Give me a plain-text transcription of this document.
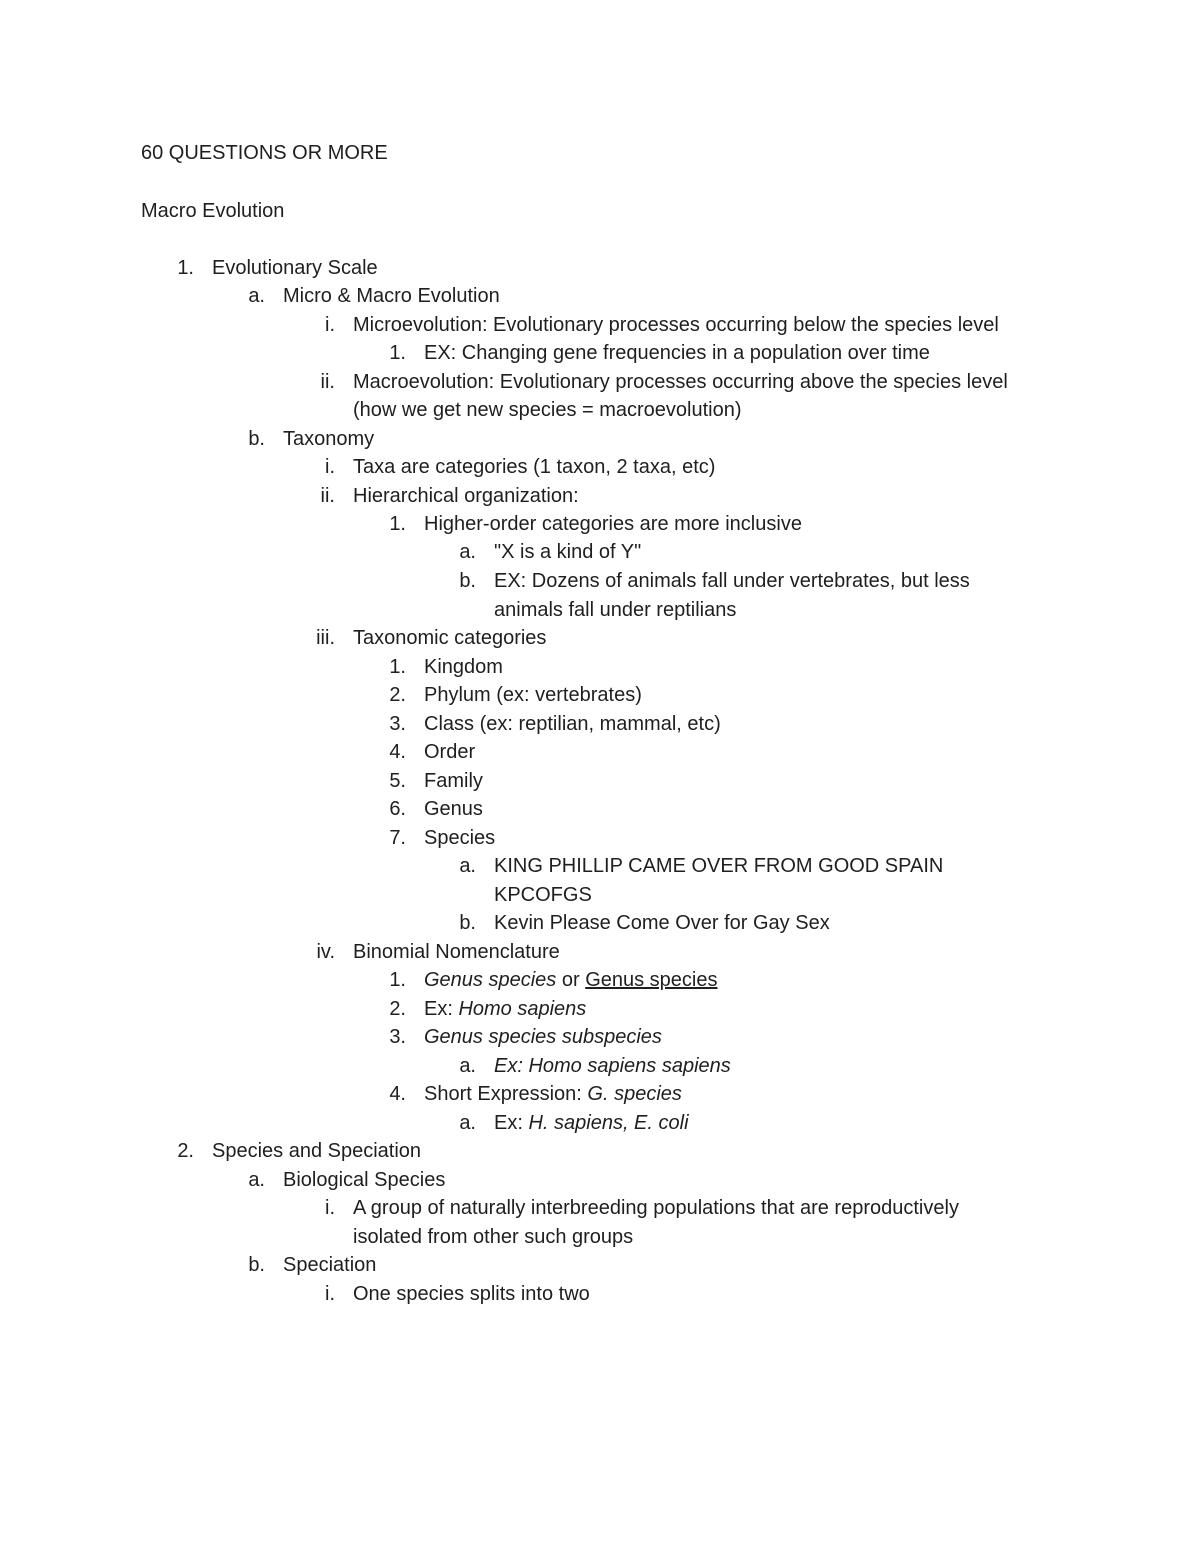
60 QUESTIONS OR MORE
Macro Evolution
1. Evolutionary Scale
a. Micro & Macro Evolution
i. Microevolution: Evolutionary processes occurring below the species level
1. EX: Changing gene frequencies in a population over time
ii. Macroevolution: Evolutionary processes occurring above the species level
(how we get new species = macroevolution)
b. Taxonomy
i. Taxa are categories (1 taxon, 2 taxa, etc)
ii. Hierarchical organization:
1. Higher-order categories are more inclusive
a. "X is a kind of Y"
b. EX: Dozens of animals fall under vertebrates, but less
animals fall under reptilians
iii. Taxonomic categories
1. Kingdom
2. Phylum (ex: vertebrates)
3. Class (ex: reptilian, mammal, etc)
4. Order
5. Family
6. Genus
7. Species
a. KING PHILLIP CAME OVER FROM GOOD SPAIN
KPCOFGS
b. Kevin Please Come Over for Gay Sex
iv. Binomial Nomenclature
1. Genus species or Genus species
2. Ex: Homo sapiens
3. Genus species subspecies
a. Ex: Homo sapiens sapiens
4. Short Expression: G. species
a. Ex: H. sapiens, E. coli
2. Species and Speciation
a. Biological Species
i. A group of naturally interbreeding populations that are reproductively
isolated from other such groups
b. Speciation
i. One species splits into two
